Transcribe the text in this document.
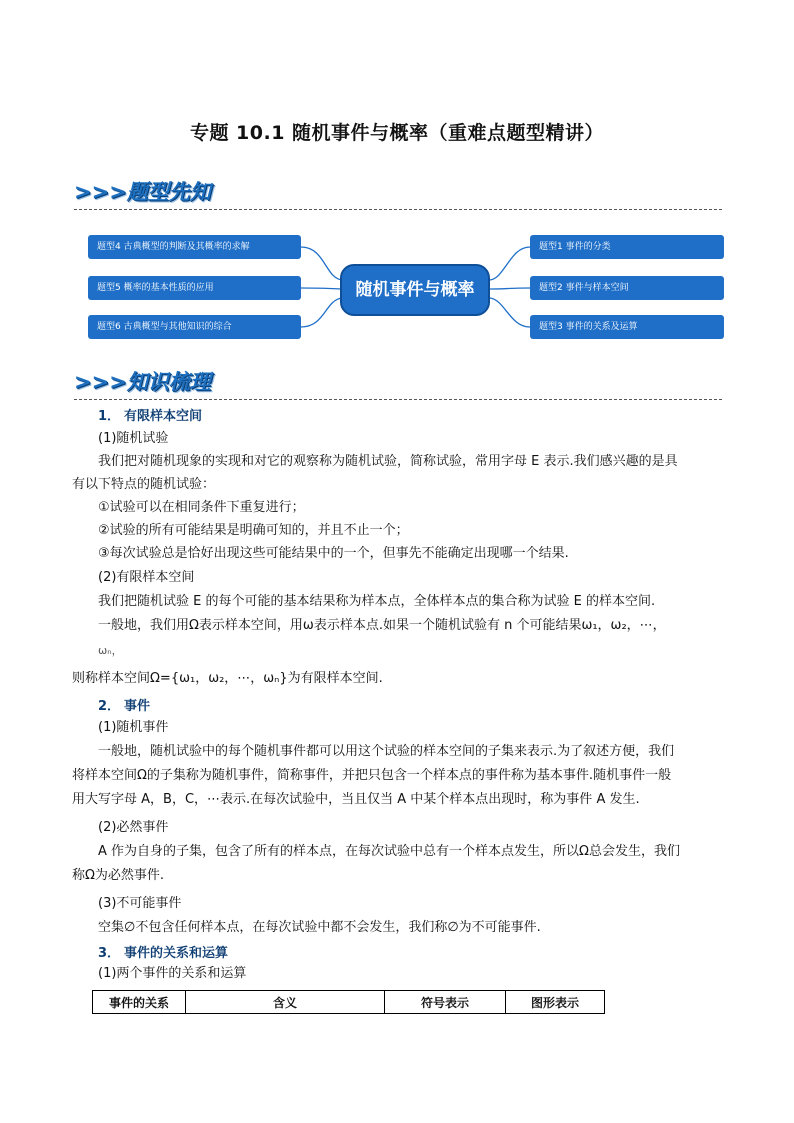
专题 10.1 随机事件与概率（重难点题型精讲）
>>>题型先知
题型4 古典概型的判断及其概率的求解
题型5 概率的基本性质的应用
题型6 古典概型与其他知识的综合
随机事件与概率
题型1 事件的分类
题型2 事件与样本空间
题型3 事件的关系及运算
>>>知识梳理
1． 有限样本空间
(1)随机试验
我们把对随机现象的实现和对它的观察称为随机试验，简称试验，常用字母 E 表示.我们感兴趣的是具
有以下特点的随机试验：
①试验可以在相同条件下重复进行；
②试验的所有可能结果是明确可知的，并且不止一个；
③每次试验总是恰好出现这些可能结果中的一个，但事先不能确定出现哪一个结果.
(2)有限样本空间
我们把随机试验 E 的每个可能的基本结果称为样本点，全体样本点的集合称为试验 E 的样本空间.
一般地，我们用Ω表示样本空间，用ω表示样本点.如果一个随机试验有 n 个可能结果ω₁，ω₂，⋯，
ωₙ，
则称样本空间Ω={ω₁，ω₂，⋯，ωₙ}为有限样本空间.
2． 事件
(1)随机事件
一般地，随机试验中的每个随机事件都可以用这个试验的样本空间的子集来表示.为了叙述方便，我们
将样本空间Ω的子集称为随机事件，简称事件，并把只包含一个样本点的事件称为基本事件.随机事件一般
用大写字母 A，B，C，⋯表示.在每次试验中，当且仅当 A 中某个样本点出现时，称为事件 A 发生.
(2)必然事件
A 作为自身的子集，包含了所有的样本点，在每次试验中总有一个样本点发生，所以Ω总会发生，我们
称Ω为必然事件.
(3)不可能事件
空集∅不包含任何样本点，在每次试验中都不会发生，我们称∅为不可能事件.
3． 事件的关系和运算
(1)两个事件的关系和运算
事件的关系	含义	符号表示	图形表示
